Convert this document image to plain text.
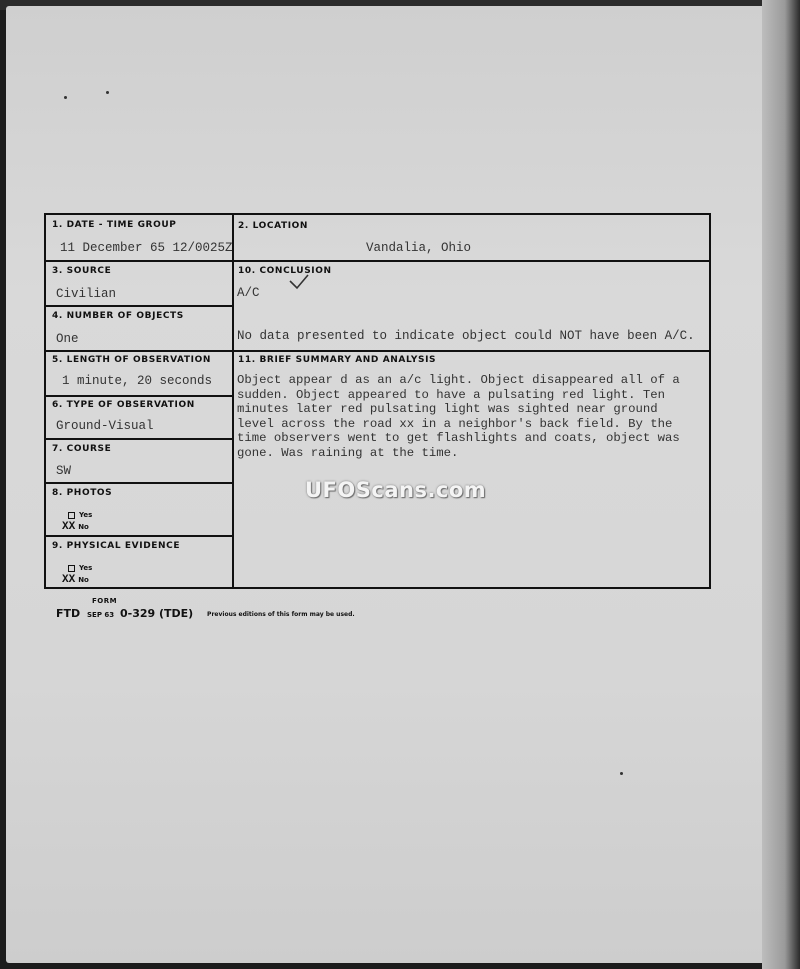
1. DATE - TIME GROUP
11 December 65 12/0025Z
2. LOCATION
Vandalia, Ohio
3. SOURCE
Civilian
10. CONCLUSION
A/C
No data presented to indicate object could NOT have been A/C.
4. NUMBER OF OBJECTS
One
5. LENGTH OF OBSERVATION
1 minute, 20 seconds
11. BRIEF SUMMARY AND ANALYSIS
Object appear d as an a/c light. Object disappeared all of a
sudden. Object appeared to have a pulsating red light. Ten
minutes later red pulsating light was sighted near ground
level across the road xx in a neighbor's back field. By the
time observers went to get flashlights and coats, object was
gone. Was raining at the time.
6. TYPE OF OBSERVATION
Ground-Visual
7. COURSE
SW
8. PHOTOS
Yes
XX No
9. PHYSICAL EVIDENCE
Yes
XX No
FORM
FTD SEP 63 0-329 (TDE) Previous editions of this form may be used.
UFOScans.com
